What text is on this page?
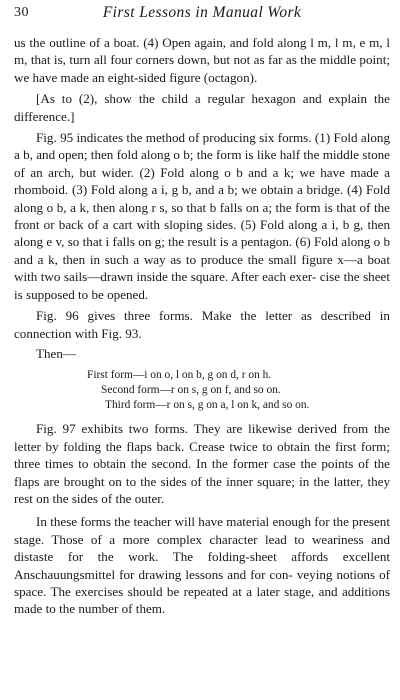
30	First Lessons in Manual Work

us the outline of a boat. (4) Open again, and fold along l m, l m, e m, l m, that is, turn all four corners down, but not as far as the middle point; we have made an eight-sided figure (octagon).

[As to (2), show the child a regular hexagon and explain the difference.]

Fig. 95 indicates the method of producing six forms. (1) Fold along a b, and open; then fold along o b; the form is like half the middle stone of an arch, but wider. (2) Fold along o b and a k; we have made a rhomboid. (3) Fold along a i, g b, and a b; we obtain a bridge. (4) Fold along o b, a k, then along r s, so that b falls on a; the form is that of the front or back of a cart with sloping sides. (5) Fold along a i, b g, then along e v, so that i falls on g; the result is a pentagon. (6) Fold along o b and a k, then in such a way as to produce the small figure x—a boat with two sails—drawn inside the square. After each exer- cise the sheet is supposed to be opened.

Fig. 96 gives three forms. Make the letter as described in connection with Fig. 93.

Then—

First form—i on o, l on b, g on d, r on h.
Second form—r on s, g on f, and so on.
Third form—r on s, g on a, l on k, and so on.

Fig. 97 exhibits two forms. They are likewise derived from the letter by folding the flaps back. Crease twice to obtain the first form; three times to obtain the second. In the former case the points of the flaps are brought on to the sides of the inner square; in the latter, they rest on the sides of the outer.

In these forms the teacher will have material enough for the present stage. Those of a more complex character lead to weariness and distaste for the work. The folding-sheet affords excellent Anschauungsmittel for drawing lessons and for con- veying notions of space. The exercises should be repeated at a later stage, and additions made to the number of them.
